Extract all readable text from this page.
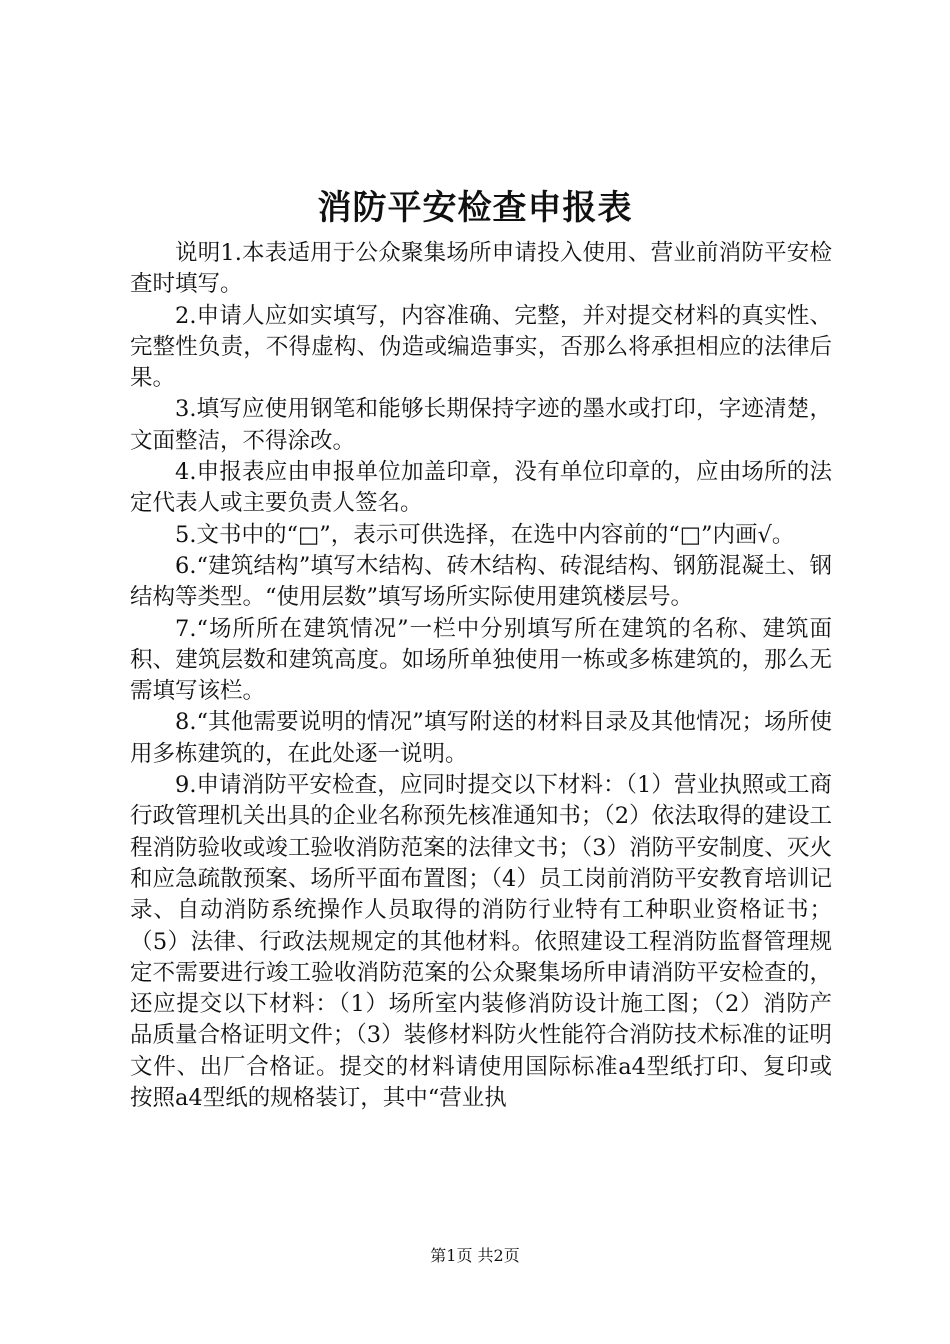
消防平安检查申报表

说明1.本表适用于公众聚集场所申请投入使用、营业前消防平安检查时填写。

2.申请人应如实填写，内容准确、完整，并对提交材料的真实性、完整性负责，不得虚构、伪造或编造事实，否那么将承担相应的法律后果。

3.填写应使用钢笔和能够长期保持字迹的墨水或打印，字迹清楚，文面整洁，不得涂改。

4.申报表应由申报单位加盖印章，没有单位印章的，应由场所的法定代表人或主要负责人签名。

5.文书中的“□”，表示可供选择，在选中内容前的“□”内画√。

6.“建筑结构”填写木结构、砖木结构、砖混结构、钢筋混凝土、钢结构等类型。“使用层数”填写场所实际使用建筑楼层号。

7.“场所所在建筑情况”一栏中分别填写所在建筑的名称、建筑面积、建筑层数和建筑高度。如场所单独使用一栋或多栋建筑的，那么无需填写该栏。

8.“其他需要说明的情况”填写附送的材料目录及其他情况；场所使用多栋建筑的，在此处逐一说明。

9.申请消防平安检查，应同时提交以下材料：（1）营业执照或工商行政管理机关出具的企业名称预先核准通知书；（2）依法取得的建设工程消防验收或竣工验收消防范案的法律文书；（3）消防平安制度、灭火和应急疏散预案、场所平面布置图；（4）员工岗前消防平安教育培训记录、自动消防系统操作人员取得的消防行业特有工种职业资格证书；（5）法律、行政法规规定的其他材料。依照建设工程消防监督管理规定不需要进行竣工验收消防范案的公众聚集场所申请消防平安检查的，还应提交以下材料：（1）场所室内装修消防设计施工图；（2）消防产品质量合格证明文件；（3）装修材料防火性能符合消防技术标准的证明文件、出厂合格证。提交的材料请使用国际标准a4型纸打印、复印或按照a4型纸的规格装订，其中“营业执

第1页 共2页
